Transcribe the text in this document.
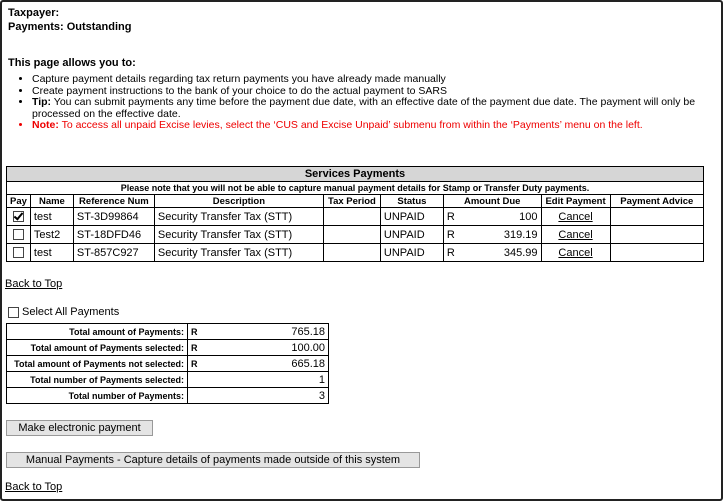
Taxpayer:
Payments: Outstanding
This page allows you to:
• Capture payment details regarding tax return payments you have already made manually
• Create payment instructions to the bank of your choice to do the actual payment to SARS
• Tip: You can submit payments any time before the payment due date, with an effective date of the payment due date. The payment will only be processed on the effective date.
• Note: To access all unpaid Excise levies, select the ‘CUS and Excise Unpaid’ submenu from within the ‘Payments’ menu on the left.
Services Payments									
Please note that you will not be able to capture manual payment details for Stamp or Transfer Duty payments.									
Pay	Name	Reference Num	Description	Tax Period	Status	Amount Due		Edit Payment	Payment Advice
	test	ST-3D99864	Security Transfer Tax (STT)		UNPAID	R	100	Cancel	
	Test2	ST-18DFD46	Security Transfer Tax (STT)		UNPAID	R	319.19	Cancel	
	test	ST-857C927	Security Transfer Tax (STT)		UNPAID	R	345.99	Cancel	
Back to Top
Select All Payments
Total amount of Payments:	R	765.18
Total amount of Payments selected:	R	100.00
Total amount of Payments not selected:	R	665.18
Total number of Payments selected:	1	
Total number of Payments:	3	
Make electronic payment
Manual Payments - Capture details of payments made outside of this system
Back to Top
